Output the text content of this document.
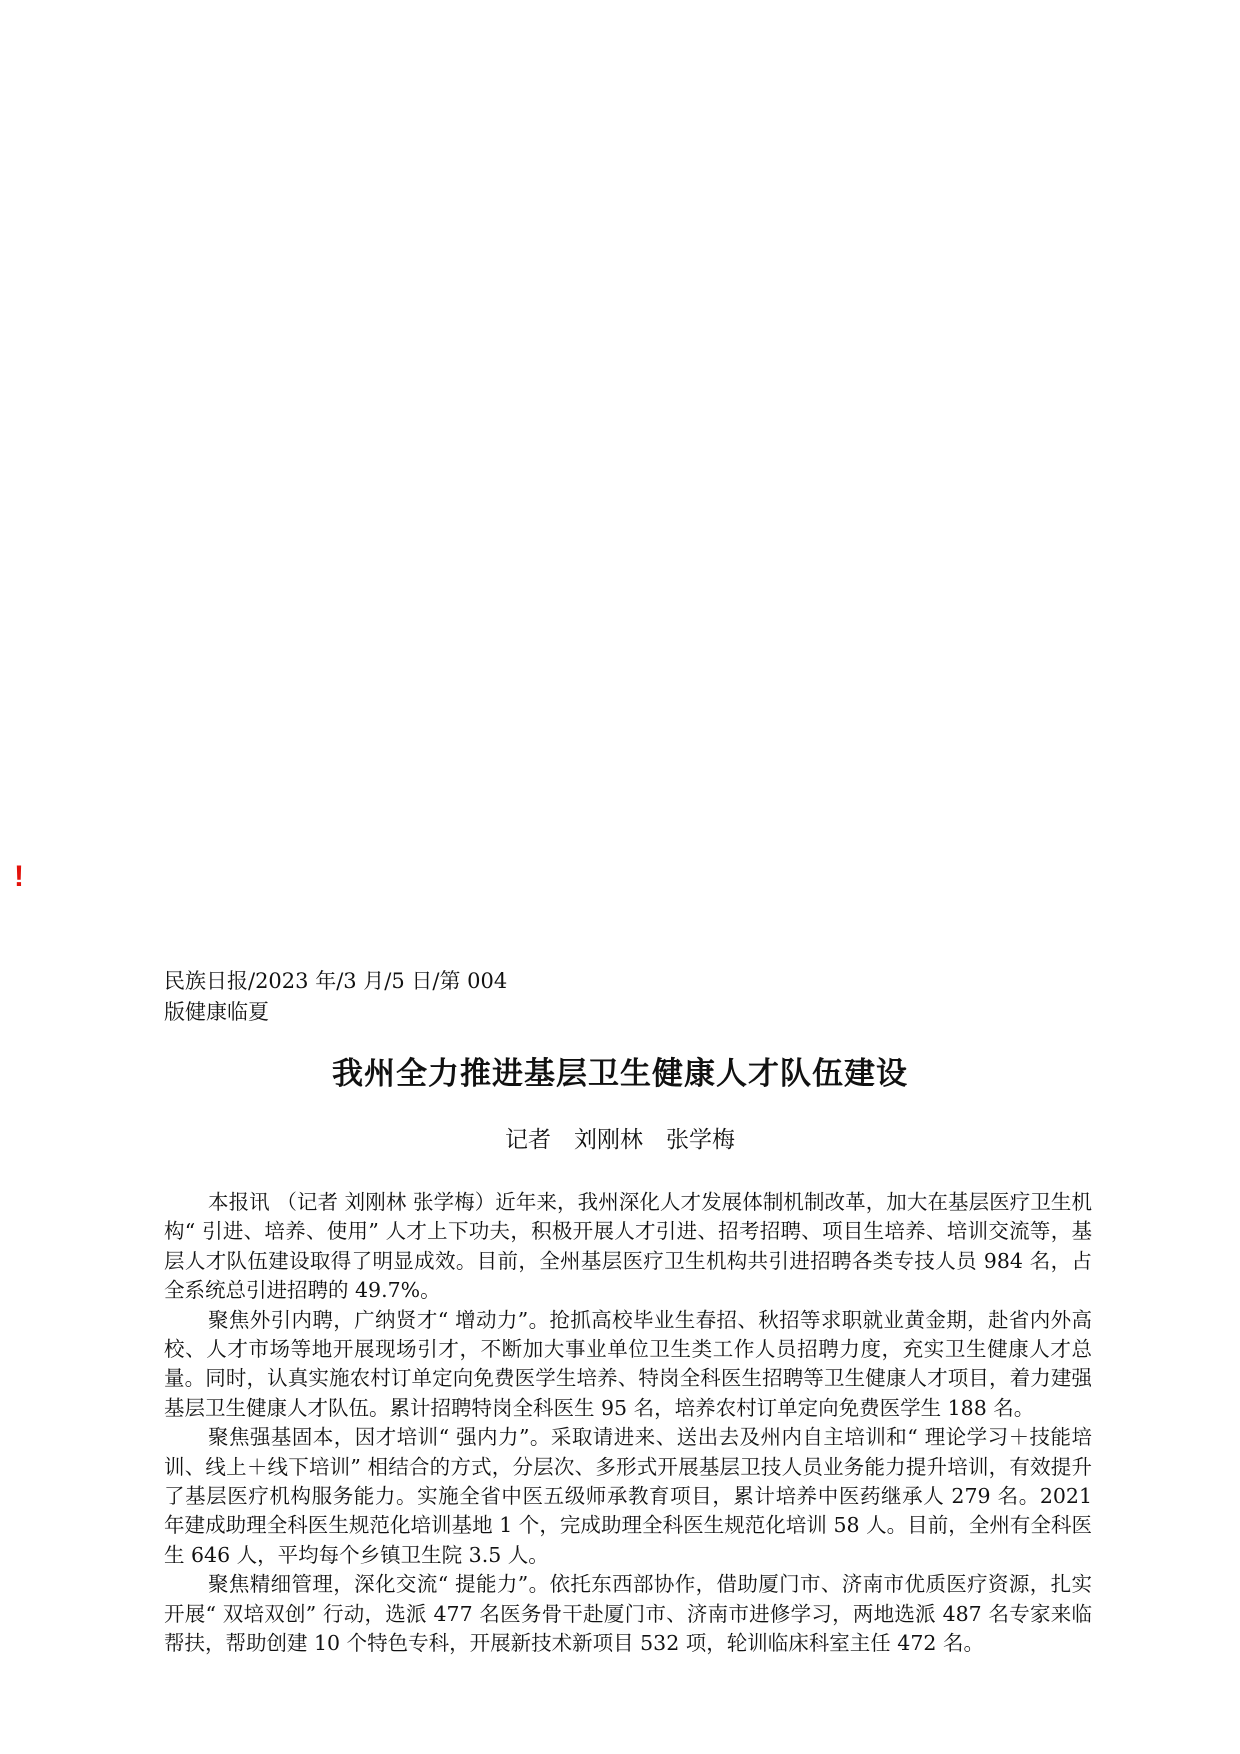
!
民族日报/2023 年/3 月/5 日/第 004 版健康临夏
我州全力推进基层卫生健康人才队伍建设
记者　刘刚林　张学梅

本报讯 （记者 刘刚林 张学梅）近年来，我州深化人才发展体制机制改革，加大在基层医疗卫生机构“ 引进、培养、使用” 人才上下功夫，积极开展人才引进、招考招聘、项目生培养、培训交流等，基层人才队伍建设取得了明显成效。目前，全州基层医疗卫生机构共引进招聘各类专技人员 984 名，占全系统总引进招聘的 49.7%。

聚焦外引内聘，广纳贤才“ 增动力”。抢抓高校毕业生春招、秋招等求职就业黄金期，赴省内外高校、人才市场等地开展现场引才，不断加大事业单位卫生类工作人员招聘力度，充实卫生健康人才总量。同时，认真实施农村订单定向免费医学生培养、特岗全科医生招聘等卫生健康人才项目，着力建强基层卫生健康人才队伍。累计招聘特岗全科医生 95 名，培养农村订单定向免费医学生 188 名。

聚焦强基固本，因才培训“ 强内力”。采取请进来、送出去及州内自主培训和“ 理论学习＋技能培训、线上＋线下培训” 相结合的方式，分层次、多形式开展基层卫技人员业务能力提升培训，有效提升了基层医疗机构服务能力。实施全省中医五级师承教育项目，累计培养中医药继承人 279 名。2021 年建成助理全科医生规范化培训基地 1 个，完成助理全科医生规范化培训 58 人。目前，全州有全科医生 646 人，平均每个乡镇卫生院 3.5 人。

聚焦精细管理，深化交流“ 提能力”。依托东西部协作，借助厦门市、济南市优质医疗资源，扎实开展“ 双培双创” 行动，选派 477 名医务骨干赴厦门市、济南市进修学习，两地选派 487 名专家来临帮扶，帮助创建 10 个特色专科，开展新技术新项目 532 项，轮训临床科室主任 472 名。
